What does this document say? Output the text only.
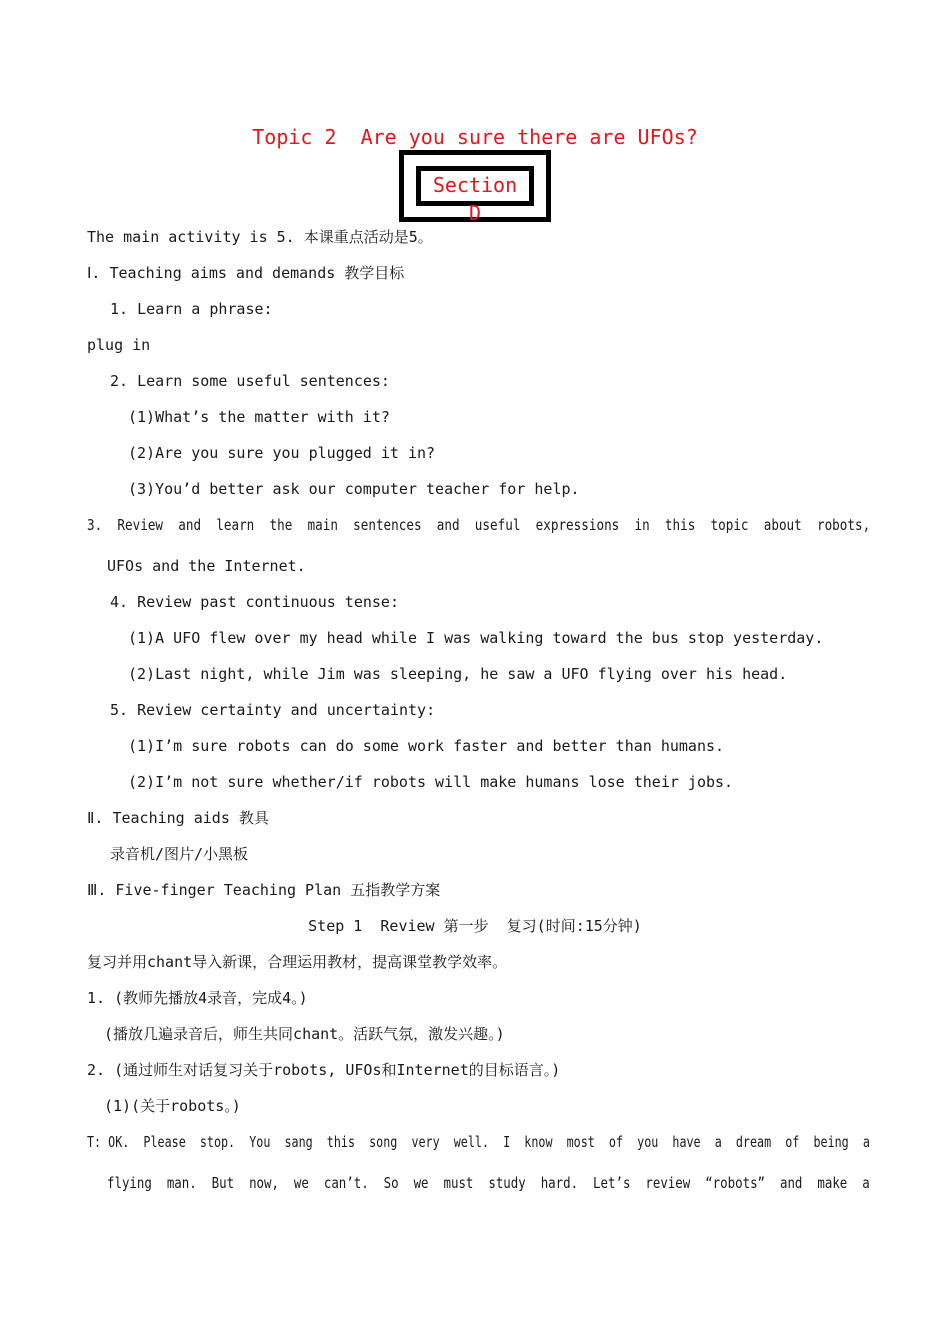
Topic 2  Are you sure there are UFOs?
Section D
The main activity is 5. 本课重点活动是5。
Ⅰ. Teaching aims and demands 教学目标
1. Learn a phrase:
plug in
2. Learn some useful sentences:
(1)What’s the matter with it?
(2)Are you sure you plugged it in?
(3)You’d better ask our computer teacher for help.
3.  Review  and  learn  the  main  sentences  and  useful  expressions  in  this  topic  about  robots,
UFOs and the Internet.
4. Review past continuous tense:
(1)A UFO flew over my head while I was walking toward the bus stop yesterday.
(2)Last night, while Jim was sleeping, he saw a UFO flying over his head.
5. Review certainty and uncertainty:
(1)I’m sure robots can do some work faster and better than humans.
(2)I’m not sure whether/if robots will make humans lose their jobs.
Ⅱ. Teaching aids 教具
录音机/图片/小黑板
Ⅲ. Five-finger Teaching Plan 五指教学方案
Step 1  Review 第一步  复习(时间:15分钟)
复习并用chant导入新课，合理运用教材，提高课堂教学效率。
1. (教师先播放4录音，完成4。)
(播放几遍录音后，师生共同chant。活跃气氛，激发兴趣。)
2. (通过师生对话复习关于robots, UFOs和Internet的目标语言。)
(1)(关于robots。)
T: OK.  Please  stop.  You  sang  this  song  very  well.  I  know  most  of  you  have  a  dream  of  being  a
flying  man.  But  now,  we  can’t.  So  we  must  study  hard.  Let’s  review  “robots”  and  make  a
